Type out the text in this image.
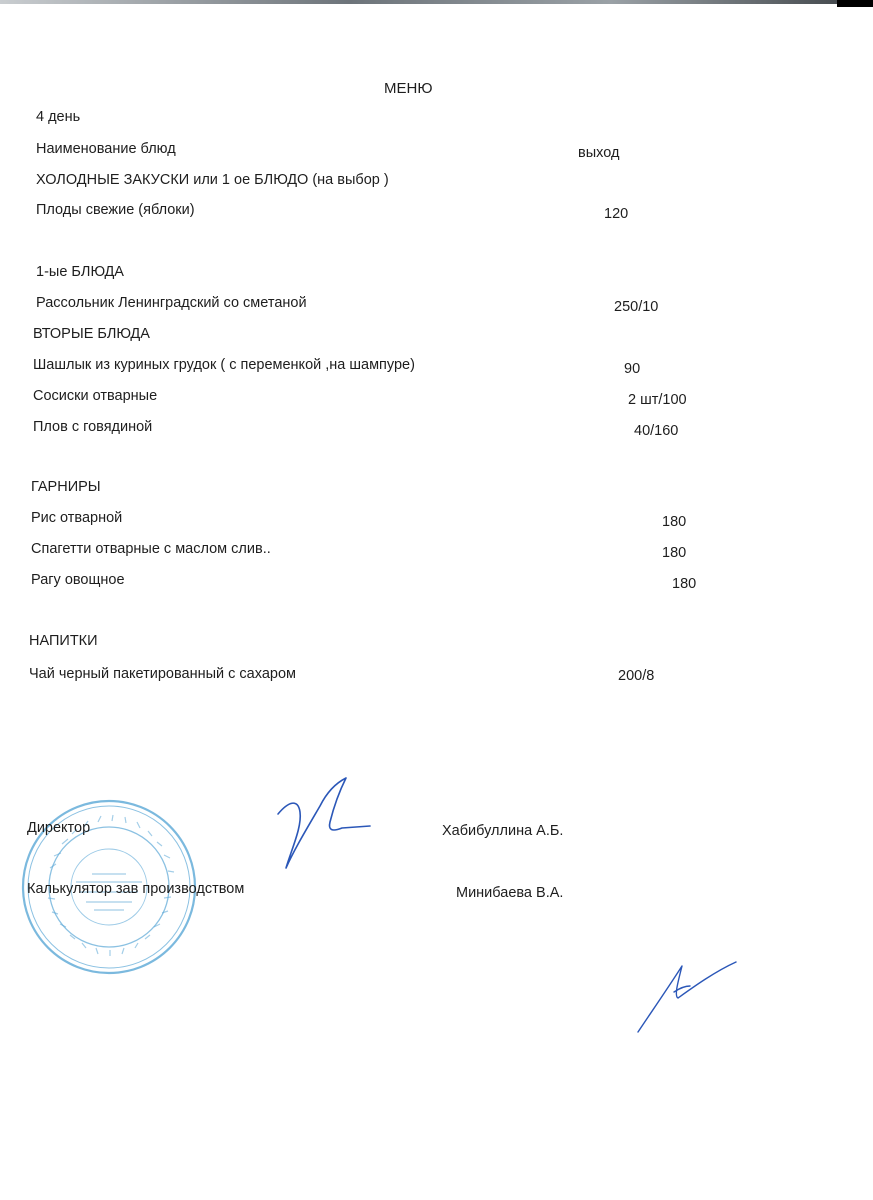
МЕНЮ
4 день
Наименование блюд	выход
ХОЛОДНЫЕ ЗАКУСКИ или 1 ое БЛЮДО (на выбор )
Плоды свежие (яблоки)	120
1-ые БЛЮДА
Рассольник Ленинградский со сметаной	250/10
ВТОРЫЕ БЛЮДА
Шашлык из куриных грудок ( с переменкой ,на шампуре)	90
Сосиски отварные	2 шт/100
Плов с говядиной	40/160
ГАРНИРЫ
Рис отварной	180
Спагетти отварные с маслом слив..	180
Рагу овощное	180
НАПИТКИ
Чай черный пакетированный с сахаром	200/8
Директор	Хабибуллина А.Б.
Калькулятор зав производством	Минибаева В.А.
